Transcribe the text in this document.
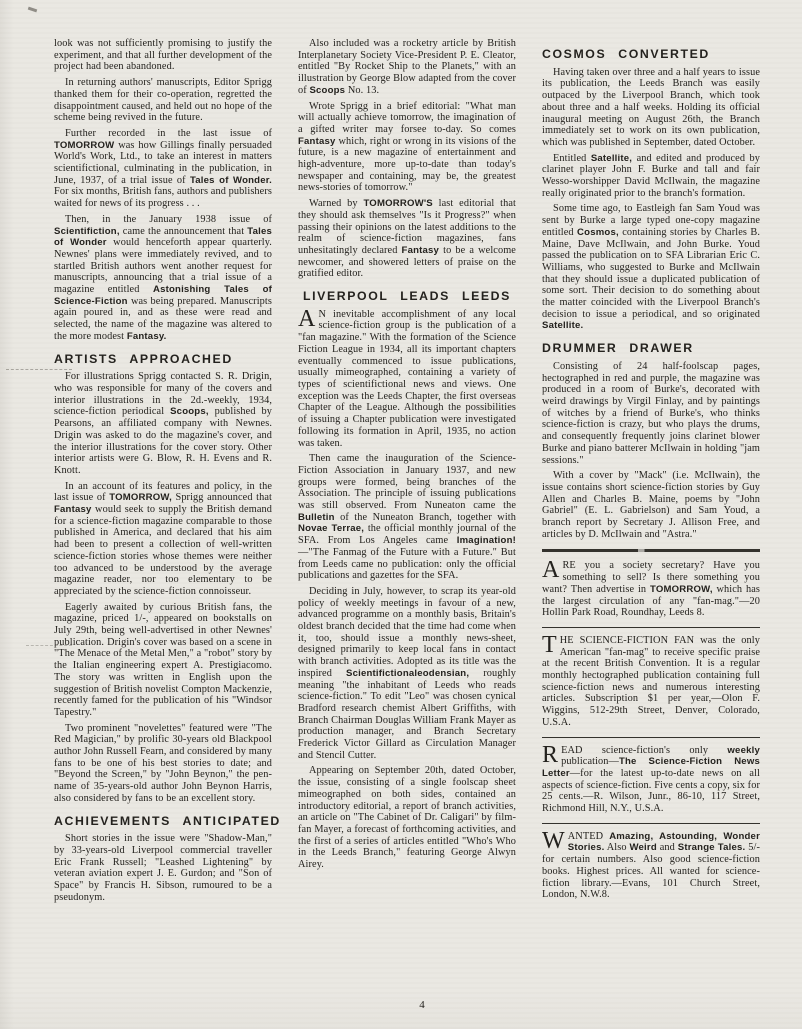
look was not sufficiently promising to justify the experiment, and that all further development of the project had been abandoned.

In returning authors' manuscripts, Editor Sprigg thanked them for their co-operation, regretted the disappointment caused, and held out no hope of the scheme being revived in the future.

Further recorded in the last issue of TOMORROW was how Gillings finally persuaded World's Work, Ltd., to take an interest in matters scientifictional, culminating in the publication, in June, 1937, of a trial issue of Tales of Wonder. For six months, British fans, authors and publishers waited for news of its progress . . .

Then, in the January 1938 issue of Scientifiction, came the announcement that Tales of Wonder would henceforth appear quarterly. Newnes' plans were immediately revived, and to startled British authors went another request for manuscripts, announcing that a trial issue of a magazine entitled Astonishing Tales of Science-Fiction was being prepared. Manuscripts again poured in, and as these were read and selected, the name of the magazine was altered to the more modest Fantasy.

ARTISTS APPROACHED

For illustrations Sprigg contacted S. R. Drigin, who was responsible for many of the covers and interior illustrations in the 2d.-weekly, 1934, science-fiction periodical Scoops, published by Pearsons, an affiliated company with Newnes. Drigin was asked to do the magazine's cover, and the interior illustrations for the cover story. Other interior artists were G. Blow, R. H. Evens and R. Knott.

In an account of its features and policy, in the last issue of TOMORROW, Sprigg announced that Fantasy would seek to supply the British demand for a science-fiction magazine comparable to those published in America, and declared that his aim had been to present a collection of well-written science-fiction stories whose themes were neither too advanced to be understood by the average magazine reader, nor too elementary to be appreciated by the science-fiction connoisseur.

Eagerly awaited by curious British fans, the magazine, priced 1/-, appeared on bookstalls on July 29th, being well-advertised in other Newnes' publication. Drigin's cover was based on a scene in "The Menace of the Metal Men," a "robot" story by the Italian engineering expert A. Prestigiacomo. The story was written in English upon the suggestion of British novelist Compton Mackenzie, recently famed for the publication of his "Windsor Tapestry."

Two prominent "novelettes" featured were "The Red Magician," by prolific 30-years old Blackpool author John Russell Fearn, and considered by many fans to be one of his best stories to date; and "Beyond the Screen," by "John Beynon," the pen-name of 35-years-old author John Beynon Harris, also considered by fans to be an excellent story.

ACHIEVEMENTS ANTICIPATED

Short stories in the issue were "Shadow-Man," by 33-years-old Liverpool commercial traveller Eric Frank Russell; "Leashed Lightening" by veteran aviation expert J. E. Gurdon; and "Son of Space" by Francis H. Sibson, rumoured to be a pseudonym.

Also included was a rocketry article by British Interplanetary Society Vice-President P. E. Cleator, entitled "By Rocket Ship to the Planets," with an illustration by George Blow adapted from the cover of Scoops No. 13.

Wrote Sprigg in a brief editorial: "What man will actually achieve tomorrow, the imagination of a gifted writer may forsee to-day. So comes Fantasy which, right or wrong in its visions of the future, is a new magazine of entertainment and high-adventure, more up-to-date than today's newspaper and containing, may be, the greatest news-stories of tomorrow."

Warned by TOMORROW'S last editorial that they should ask themselves "Is it Progress?" when passing their opinions on the latest additions to the realm of science-fiction magazines, fans unhesitatingly declared Fantasy to be a welcome newcomer, and showered letters of praise on the gratified editor.

LIVERPOOL LEADS LEEDS

A N inevitable accomplishment of any local science-fiction group is the publication of a "fan magazine." With the formation of the Science Fiction League in 1934, all its important chapters eventually commenced to issue publications, usually mimeographed, containing a variety of types of scientifictional news and views. One exception was the Leeds Chapter, the first overseas Chapter of the League. Although the possibilities of issuing a Chapter publication were investigated following its formation in April, 1935, no action was taken.

Then came the inauguration of the Science-Fiction Association in January 1937, and new groups were formed, being branches of the Association. The principle of issuing publications was still observed. From Nuneaton came the Bulletin of the Nuneaton Branch, together with Novae Terrae, the official monthly journal of the SFA. From Los Angeles came Imagination!—"The Fanmag of the Future with a Future." But from Leeds came no publication: only the official publications and gazettes for the SFA.

Deciding in July, however, to scrap its year-old policy of weekly meetings in favour of a new, advanced programme on a monthly basis, Britain's oldest branch decided that the time had come when it, too, should issue a monthly news-sheet, designed primarily to keep local fans in contact with branch activities. Adopted as its title was the inspired Scientifictionaleodensian, roughly meaning "the inhabitant of Leeds who reads science-fiction." To edit "Leo" was chosen cynical Bradford research chemist Albert Griffiths, with Branch Chairman Douglas William Frank Mayer as production manager, and Branch Secretary Frederick Victor Gillard as Circulation Manager and Stencil Cutter.

Appearing on September 20th, dated October, the issue, consisting of a single foolscap sheet mimeographed on both sides, contained an introductory editorial, a report of branch activities, an article on "The Cabinet of Dr. Caligari" by film-fan Mayer, a forecast of forthcoming activities, and the first of a series of articles entitled "Who's Who in the Leeds Branch," featuring George Alwyn Airey.

COSMOS CONVERTED

Having taken over three and a half years to issue its publication, the Leeds Branch was easily outpaced by the Liverpool Branch, which took about three and a half weeks. Holding its official inaugural meeting on August 26th, the Branch immediately set to work on its own publication, which was published in September, dated October.

Entitled Satellite, and edited and produced by clarinet player John F. Burke and tall and fair Wesso-worshipper David McIlwain, the magazine really originated prior to the branch's formation.

Some time ago, to Eastleigh fan Sam Youd was sent by Burke a large typed one-copy magazine entitled Cosmos, containing stories by Charles B. Maine, Dave McIlwain, and John Burke. Youd passed the publication on to SFA Librarian Eric C. Williams, who suggested to Burke and McIlwain that they should issue a duplicated publication of some sort. Their decision to do something about the matter coincided with the Liverpool Branch's decision to issue a periodical, and so originated Satellite.

DRUMMER DRAWER

Consisting of 24 half-foolscap pages, hectographed in red and purple, the magazine was produced in a room of Burke's, decorated with weird drawings by Virgil Finlay, and by paintings of witches by a friend of Burke's, who thinks science-fiction is crazy, but who plays the drums, and consequently frequently joins clarinet blower Burke and piano batterer McIlwain in holding "jam sessions."

With a cover by "Mack" (i.e. McIlwain), the issue contains short science-fiction stories by Guy Allen and Charles B. Maine, poems by "John Gabriel" (E. L. Gabrielson) and Sam Youd, a branch report by Secretary J. Allison Free, and articles by D. McIlwain and "Astra."

ARE you a society secretary? Have you something to sell? Is there something you want? Then advertise in TOMORROW, which has the largest circulation of any "fan-mag."—20 Hollin Park Road, Roundhay, Leeds 8.

THE SCIENCE-FICTION FAN was the only American "fan-mag" to receive specific praise at the recent British Convention. It is a regular monthly hectographed publication containing full science-fiction news and numerous interesting articles. Subscription $1 per year,—Olon F. Wiggins, 512-29th Street, Denver, Colorado, U.S.A.

READ science-fiction's only weekly publication—The Science-Fiction News Letter—for the latest up-to-date news on all aspects of science-fiction. Five cents a copy, six for 25 cents.—R. Wilson, Junr., 86-10, 117 Street, Richmond Hill, N.Y., U.S.A.

WANTED Amazing, Astounding, Wonder Stories. Also Weird and Strange Tales. 5/- for certain numbers. Also good science-fiction books. Highest prices. All wanted for science-fiction library.—Evans, 101 Church Street, London, N.W.8.

4
